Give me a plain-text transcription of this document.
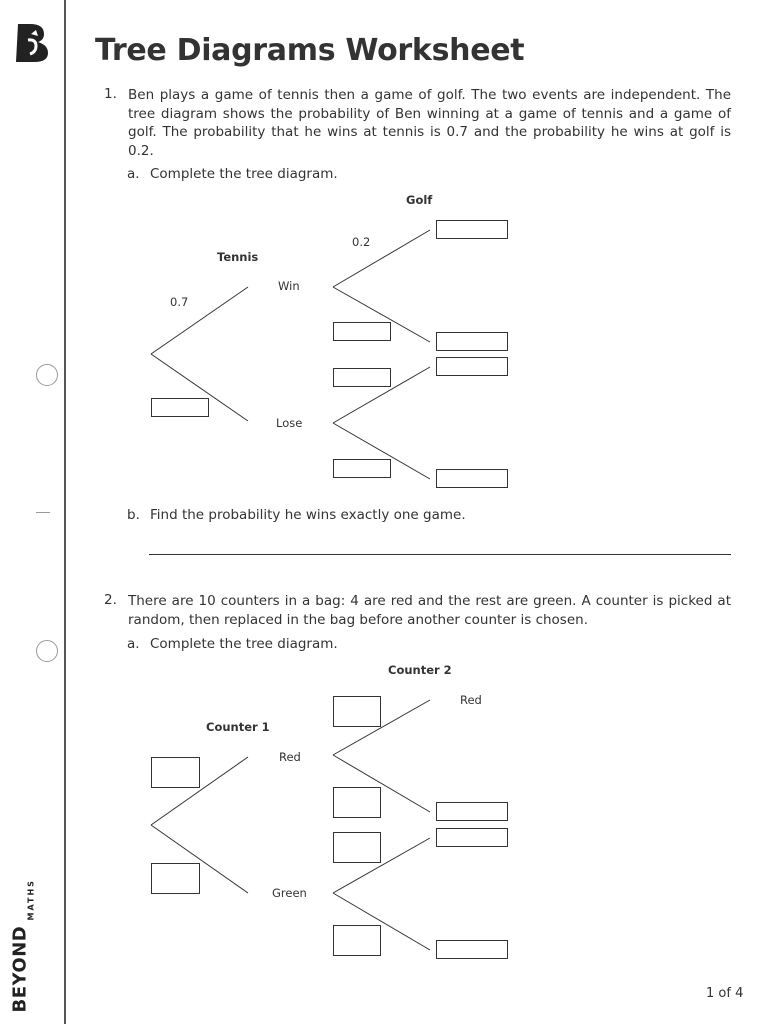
MATHS
BEYOND
Tree Diagrams Worksheet
1. Ben plays a game of tennis then a game of golf. The two events are independent. The tree diagram shows the probability of Ben winning at a game of tennis and a game of golf. The probability that he wins at tennis is 0.7 and the probability he wins at golf is 0.2.
a. Complete the tree diagram.
Golf
0.2
Tennis
Win
0.7
Lose
b. Find the probability he wins exactly one game.
2. There are 10 counters in a bag: 4 are red and the rest are green. A counter is picked at random, then replaced in the bag before another counter is chosen.
a. Complete the tree diagram.
Counter 2
Red
Counter 1
Red
Green
1 of 4
